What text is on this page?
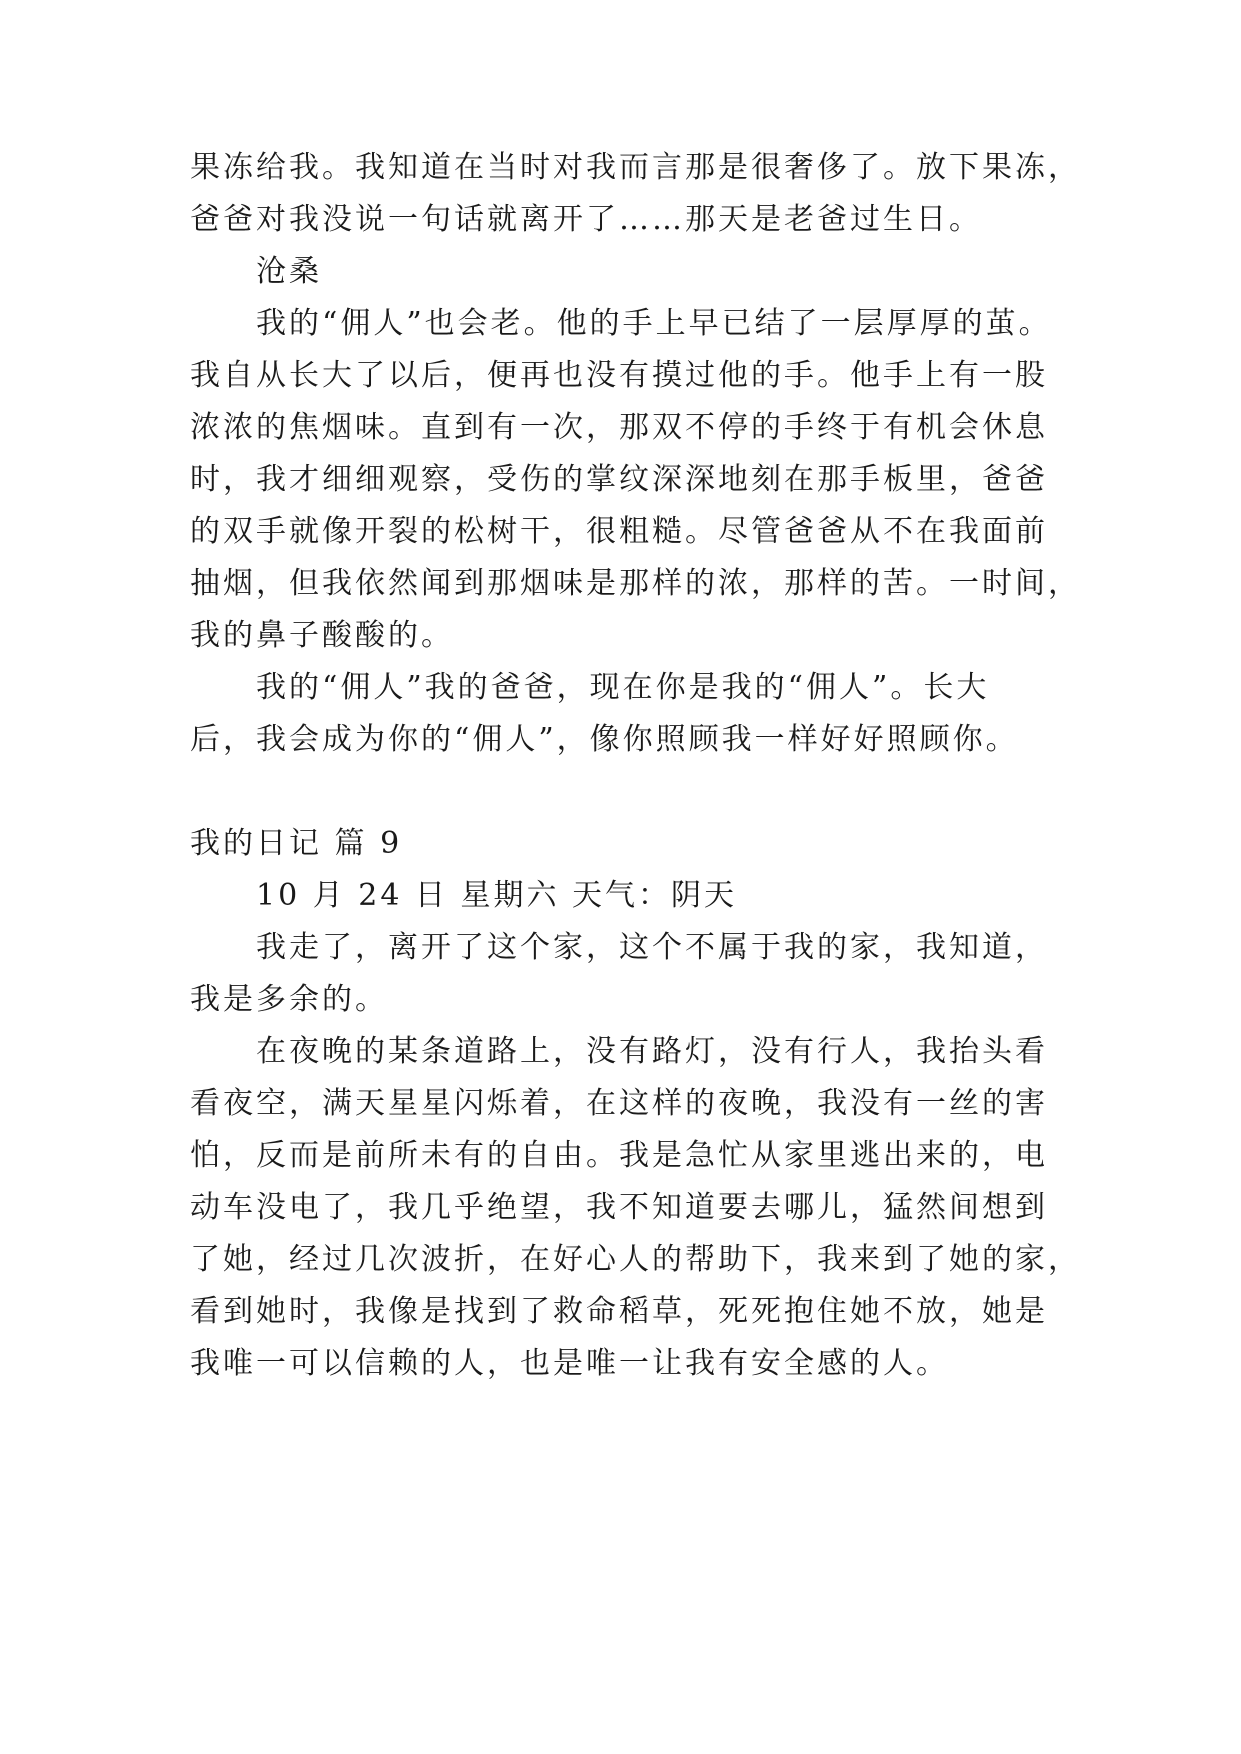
果冻给我。我知道在当时对我而言那是很奢侈了。放下果冻，
爸爸对我没说一句话就离开了……那天是老爸过生日。
沧桑
我的“佣人”也会老。他的手上早已结了一层厚厚的茧。
我自从长大了以后，便再也没有摸过他的手。他手上有一股
浓浓的焦烟味。直到有一次，那双不停的手终于有机会休息
时，我才细细观察，受伤的掌纹深深地刻在那手板里，爸爸
的双手就像开裂的松树干，很粗糙。尽管爸爸从不在我面前
抽烟，但我依然闻到那烟味是那样的浓，那样的苦。一时间，
我的鼻子酸酸的。
我的“佣人”我的爸爸，现在你是我的“佣人”。长大
后，我会成为你的“佣人”，像你照顾我一样好好照顾你。
我的日记 篇 9
10 月 24 日 星期六 天气：阴天
我走了，离开了这个家，这个不属于我的家，我知道，
我是多余的。
在夜晚的某条道路上，没有路灯，没有行人，我抬头看
看夜空，满天星星闪烁着，在这样的夜晚，我没有一丝的害
怕，反而是前所未有的自由。我是急忙从家里逃出来的，电
动车没电了，我几乎绝望，我不知道要去哪儿，猛然间想到
了她，经过几次波折，在好心人的帮助下，我来到了她的家，
看到她时，我像是找到了救命稻草，死死抱住她不放，她是
我唯一可以信赖的人，也是唯一让我有安全感的人。
